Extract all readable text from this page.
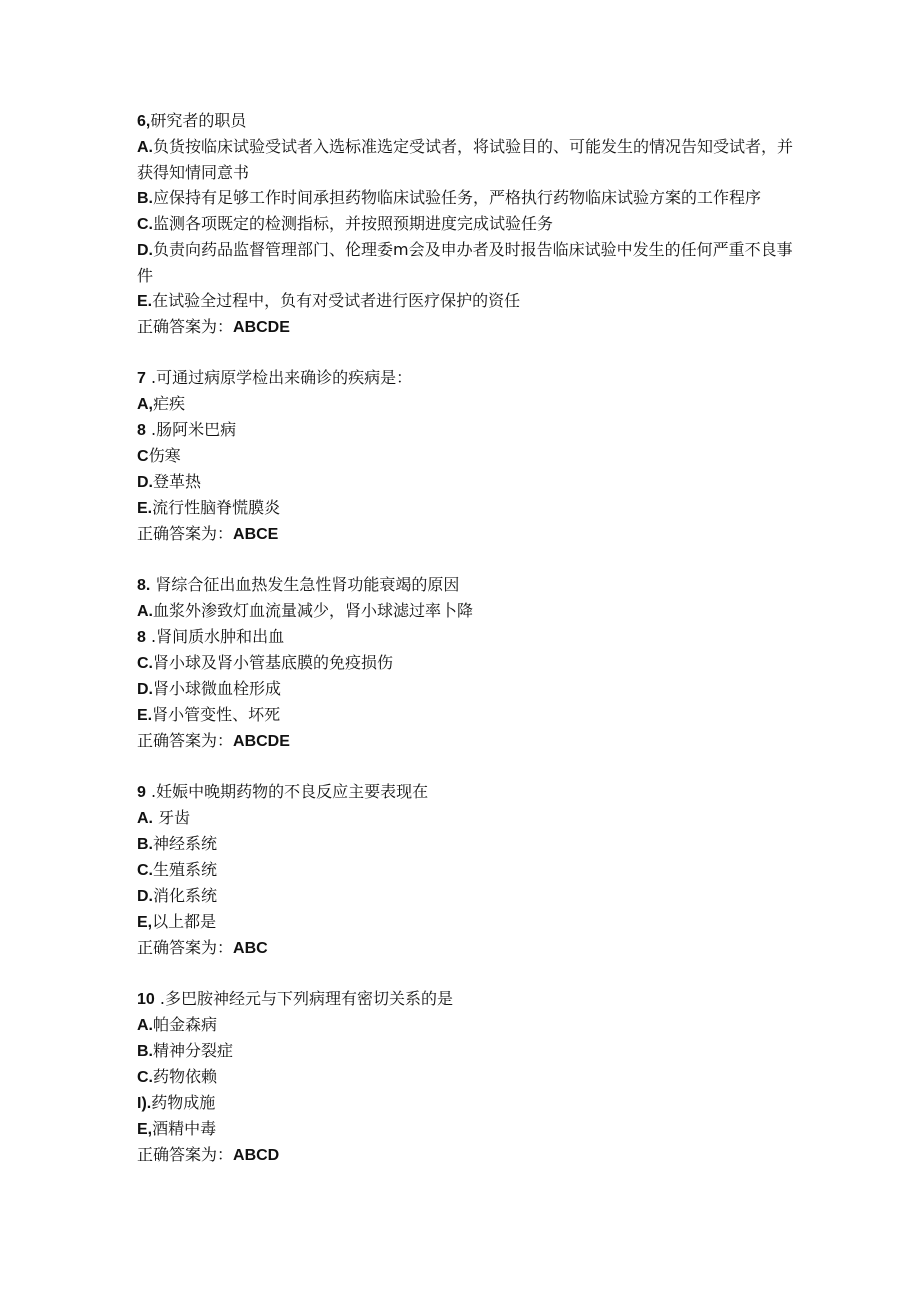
6,研究者的职员
A.负货按临床试验受试者入选标准选定受试者，将试验目的、可能发生的情况告知受试者，并获得知情同意书
B.应保持有足够工作时间承担药物临床试验任务，严格执行药物临床试验方案的工作程序
C.监测各项既定的检测指标，并按照预期进度完成试验任务
D.负责向药品监督管理部门、伦理委m会及申办者及时报告临床试验中发生的任何严重不良事件
E.在试验全过程中，负有对受试者进行医疗保护的资任
正确答案为：ABCDE
7 .可通过病原学检出来确诊的疾病是：
A,疟疾
8 .肠阿米巴病
C伤寒
D.登革热
E.流行性脑脊慌膜炎
正确答案为：ABCE
8. 肾综合征出血热发生急性肾功能衰竭的原因
A.血浆外渗致灯血流量减少，肾小球滤过率卜降
8 .肾间质水肿和出血
C.肾小球及肾小管基底膜的免疫损伤
D.肾小球微血栓形成
E.肾小管变性、坏死
正确答案为：ABCDE
9 .妊娠中晚期药物的不良反应主要表现在
A. 牙齿
B.神经系统
C.生殖系统
D.消化系统
E,以上都是
正确答案为：ABC
10 .多巴胺神经元与下列病理有密切关系的是
A.帕金森病
B.精神分裂症
C.药物依赖
I).药物成施
E,酒精中毒
正确答案为：ABCD
